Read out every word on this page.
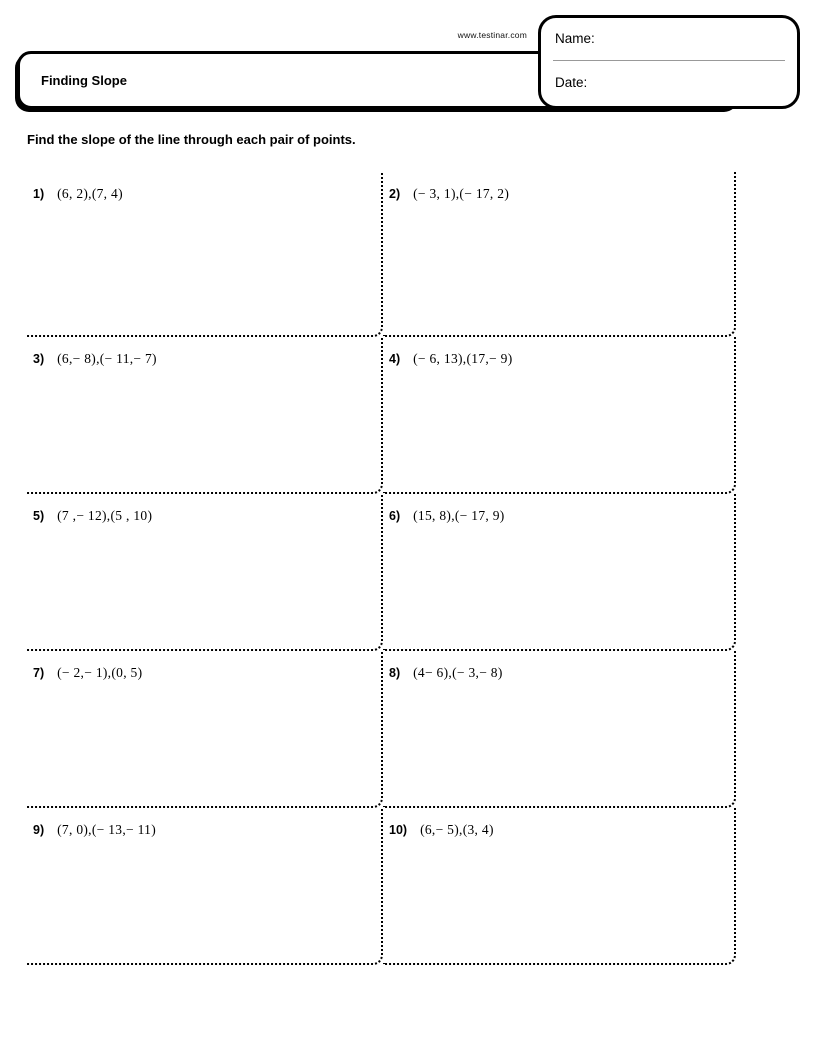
www.testinar.com
Finding Slope
Name:
Date:
Find the slope of the line through each pair of points.
1) (6, 2),(7, 4)	2) (− 3, 1),(− 17, 2)
3) (6,− 8),(− 11,− 7)	4) (− 6, 13),(17,− 9)
5) (7 ,− 12),(5 , 10)	6) (15, 8),(− 17, 9)
7) (− 2,− 1),(0, 5)	8) (4− 6),(− 3,− 8)
9) (7, 0),(− 13,− 11)	10) (6,− 5),(3, 4)
